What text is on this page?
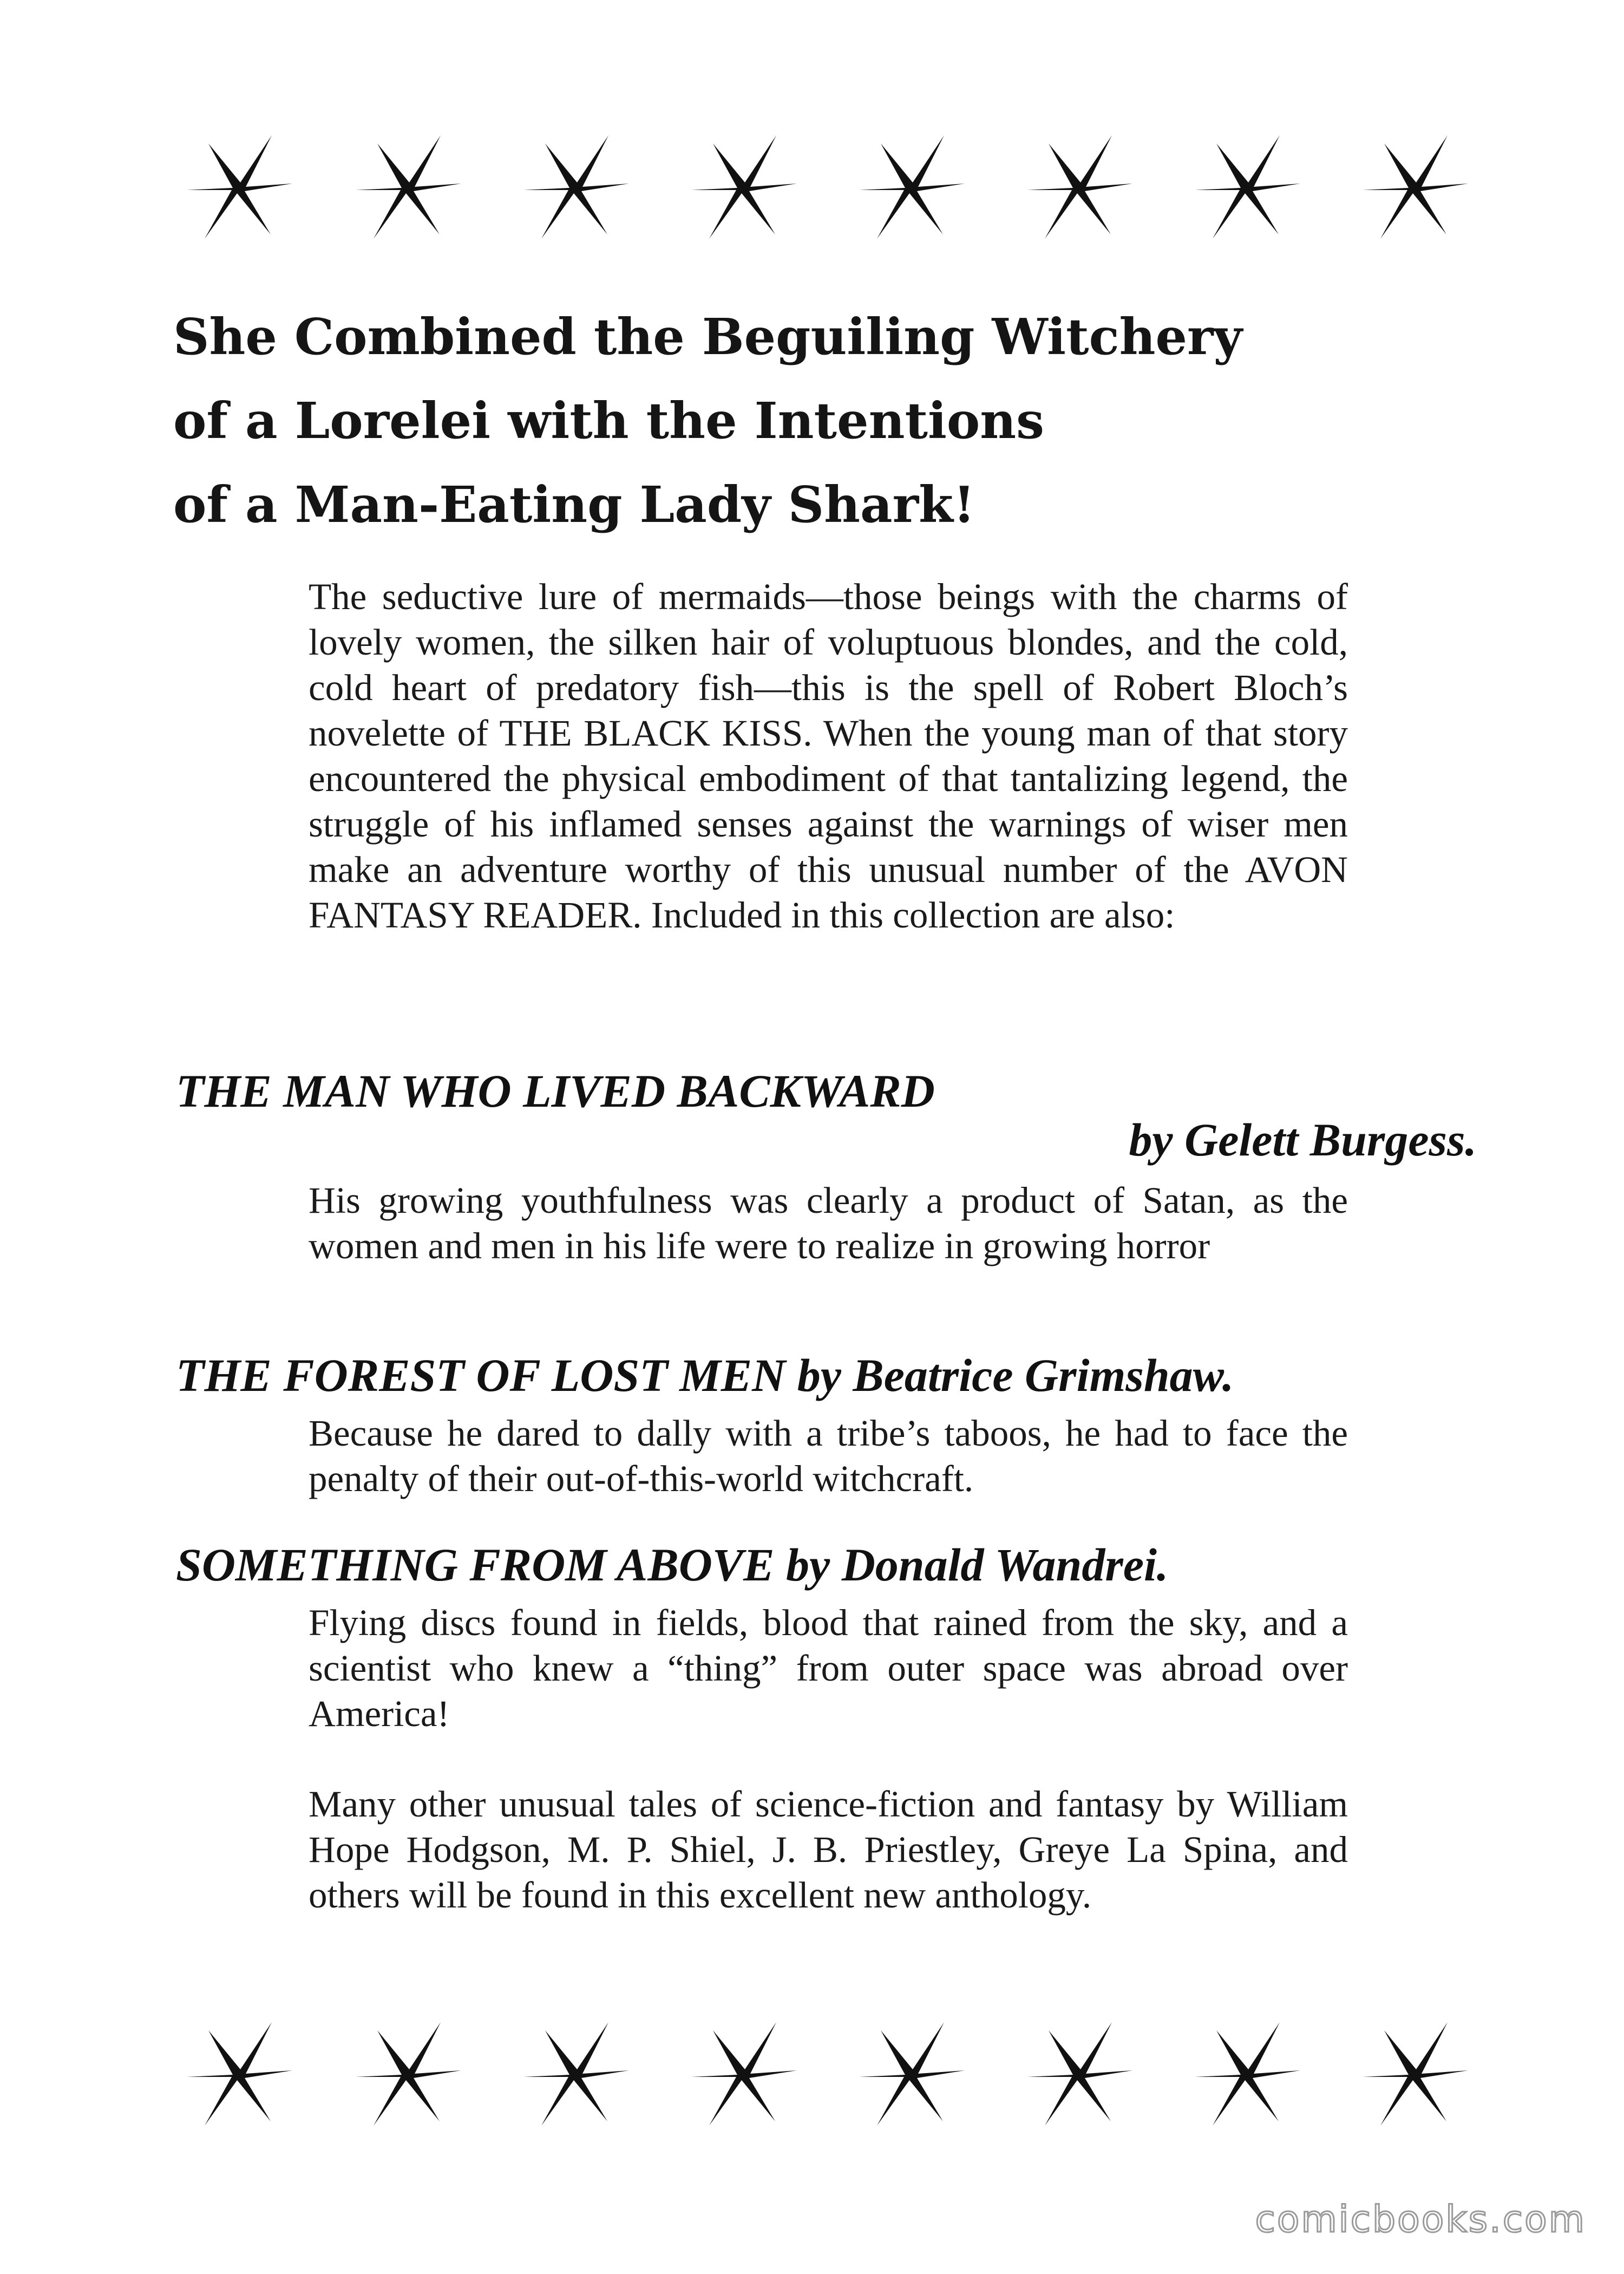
She Combined the Beguiling Witchery
of a Lorelei with the Intentions
of a Man-Eating Lady Shark!
The seductive lure of mermaids—those beings with the charms of lovely women, the silken hair of voluptuous blondes, and the cold, cold heart of predatory fish—this is the spell of Robert Bloch’s novelette of THE BLACK KISS. When the young man of that story encountered the physical embodiment of that tantalizing legend, the struggle of his inflamed senses against the warnings of wiser men make an adventure worthy of this unusual number of the AVON FANTASY READER. Included in this collection are also:
THE MAN WHO LIVED BACKWARD
by Gelett Burgess.
His growing youthfulness was clearly a product of Satan, as the women and men in his life were to realize in growing horror
THE FOREST OF LOST MEN by Beatrice Grimshaw.
Because he dared to dally with a tribe’s taboos, he had to face the penalty of their out-of-this-world witchcraft.
SOMETHING FROM ABOVE by Donald Wandrei.
Flying discs found in fields, blood that rained from the sky, and a scientist who knew a “thing” from outer space was abroad over America!
Many other unusual tales of science-fiction and fantasy by William Hope Hodgson, M. P. Shiel, J. B. Priestley, Greye La Spina, and others will be found in this excellent new anthology.
comicbooks.com
